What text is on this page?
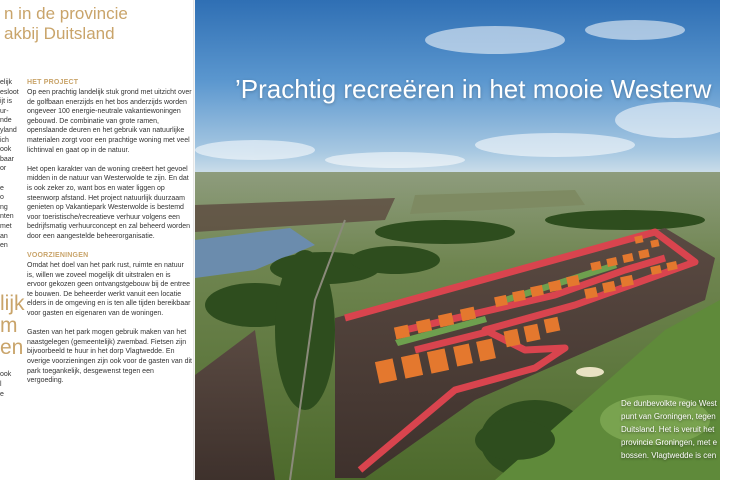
n in de provincie
akbij Duitsland
elijk
esloot
ijt is
ur-
nde
yland
ich
ook
baar
or
e
o
ng
nten
met
an
en
lijk
m
en
ook
l
e
HET PROJECT

Op een prachtig landelijk stuk grond met uitzicht over de golfbaan enerzijds en het bos anderzijds worden ongeveer 100 energie-neutrale vakantiewoningen gebouwd. De combinatie van grote ramen, openslaande deuren en het gebruik van natuurlijke materialen zorgt voor een prachtige woning met veel lichtinval en gaat op in de natuur.

Het open karakter van de woning creëert het gevoel midden in de natuur van Westerwolde te zijn. En dat is ook zeker zo, want bos en water liggen op steenworp afstand. Het project natuurlijk duurzaam genieten op Vakantiepark Westerwolde is bestemd voor toeristische/recreatieve verhuur volgens een bedrijfsmatig verhuurconcept en zal beheerd worden door een aangestelde beheerorganisatie.

VOORZIENINGEN

Omdat het doel van het park rust, ruimte en natuur is, willen we zoveel mogelijk dit uitstralen en is ervoor gekozen geen ontvangstgebouw bij de entree te bouwen. De beheerder werkt vanuit een locatie elders in de omgeving en is ten alle tijden bereikbaar voor gasten en eigenaren van de woningen.

Gasten van het park mogen gebruik maken van het naastgelegen (gemeentelijk) zwembad. Fietsen zijn bijvoorbeeld te huur in het dorp Vlagtwedde. En overige voorzieningen zijn ook voor de gasten van dit park toegankelijk, desgewenst tegen een vergoeding.

’Prachtig recreëren in het mooie Westerw
De dunbevolkte regio West
punt van Groningen, tegen
Duitsland. Het is veruit het
provincie Groningen, met e
bossen. Vlagtwedde is cen
